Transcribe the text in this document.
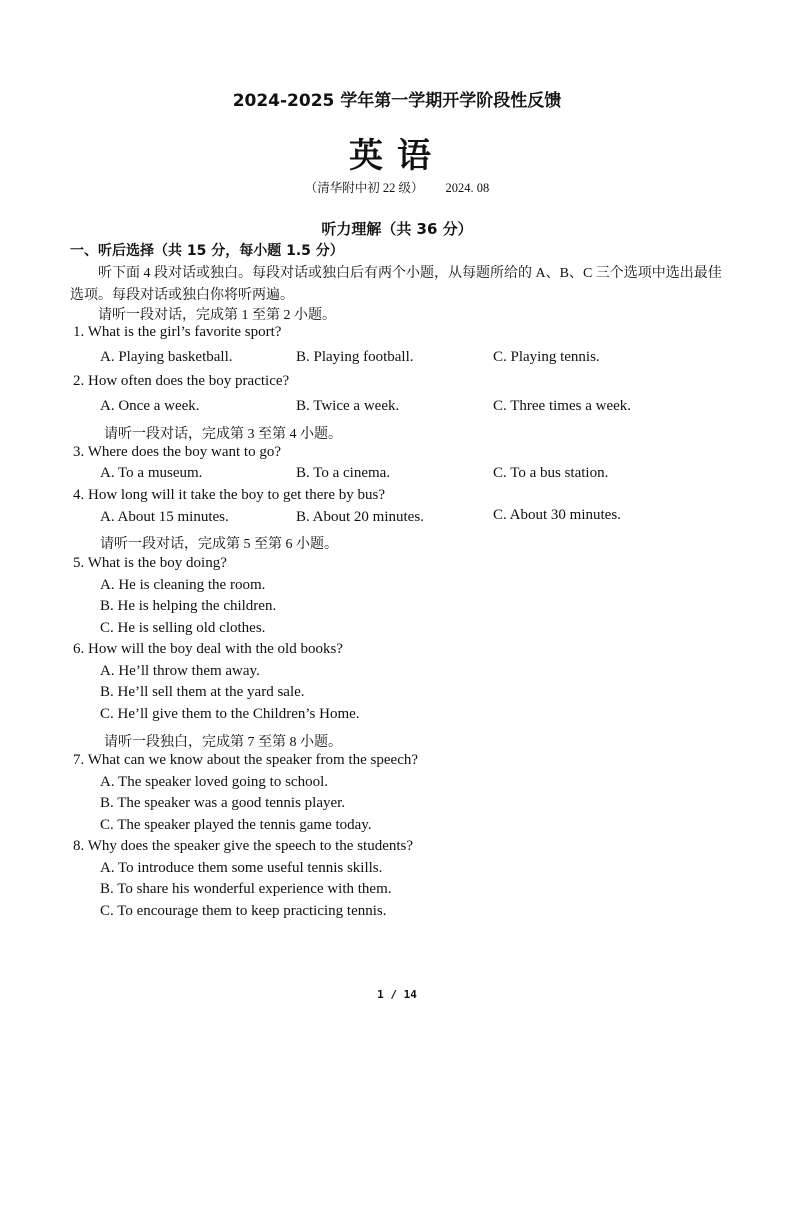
2024-2025 学年第一学期开学阶段性反馈
英语
（清华附中初 22 级） 2024. 08
听力理解（共 36 分）
一、听后选择（共 15 分，每小题 1.5 分）
听下面 4 段对话或独白。每段对话或独白后有两个小题，从每题所给的 A、B、C 三个选项中选出最佳
选项。每段对话或独白你将听两遍。
请听一段对话，完成第 1 至第 2 小题。
1. What is the girl’s favorite sport?
A. Playing basketball.	B. Playing football.	C. Playing tennis.
2. How often does the boy practice?
A. Once a week.	B. Twice a week.	C. Three times a week.
请听一段对话，完成第 3 至第 4 小题。
3. Where does the boy want to go?
A. To a museum.	B. To a cinema.	C. To a bus station.
4. How long will it take the boy to get there by bus?
A. About 15 minutes.	B. About 20 minutes.	C. About 30 minutes.
请听一段对话，完成第 5 至第 6 小题。
5. What is the boy doing?
A. He is cleaning the room.
B. He is helping the children.
C. He is selling old clothes.
6. How will the boy deal with the old books?
A. He’ll throw them away.
B. He’ll sell them at the yard sale.
C. He’ll give them to the Children’s Home.
请听一段独白，完成第 7 至第 8 小题。
7. What can we know about the speaker from the speech?
A. The speaker loved going to school.
B. The speaker was a good tennis player.
C. The speaker played the tennis game today.
8. Why does the speaker give the speech to the students?
A. To introduce them some useful tennis skills.
B. To share his wonderful experience with them.
C. To encourage them to keep practicing tennis.
1 / 14
